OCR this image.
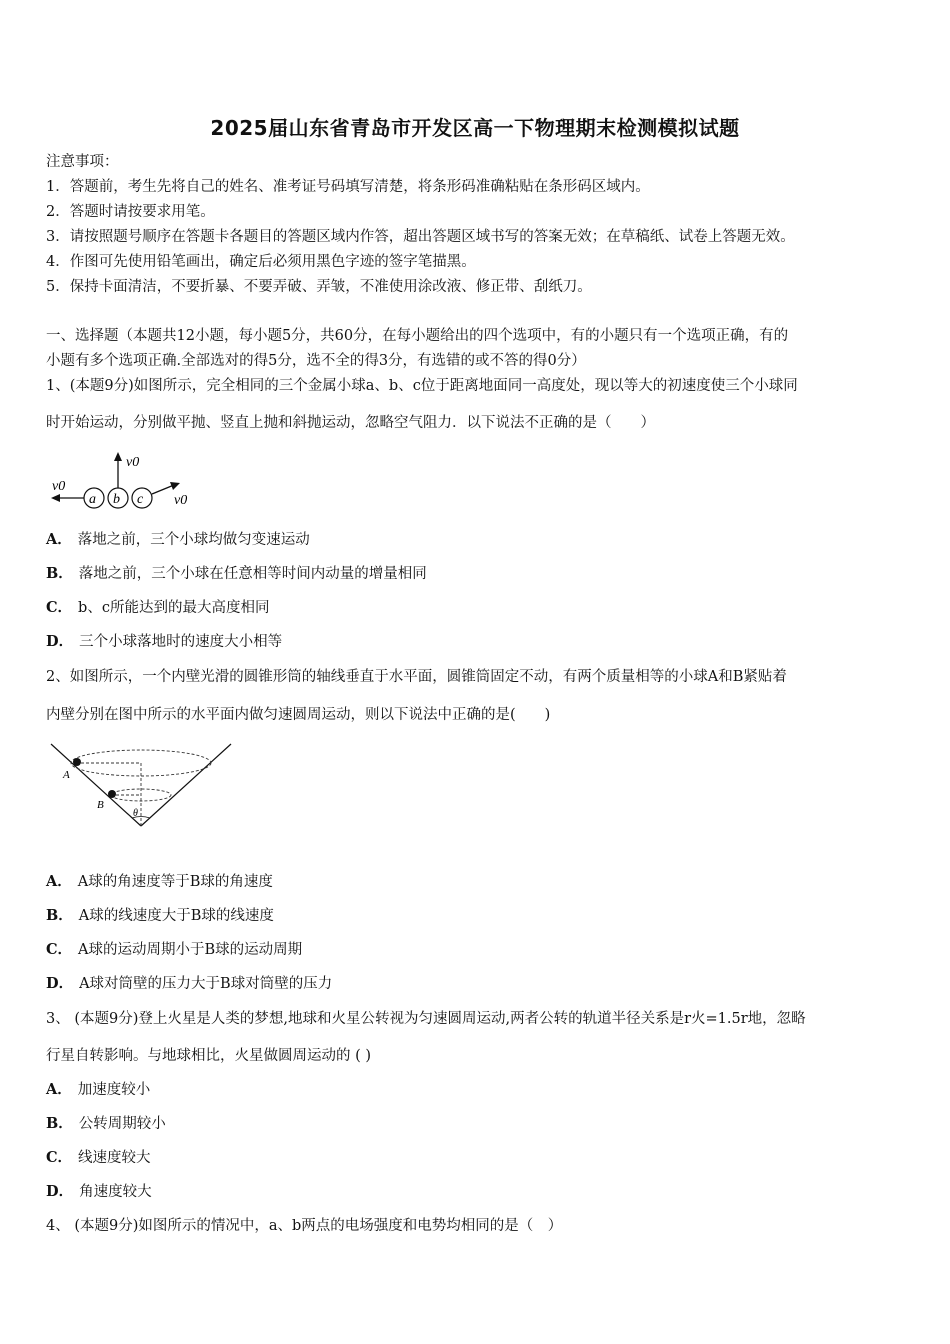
2025届山东省青岛市开发区高一下物理期末检测模拟试题
注意事项：
1．答题前，考生先将自己的姓名、准考证号码填写清楚，将条形码准确粘贴在条形码区域内。
2．答题时请按要求用笔。
3．请按照题号顺序在答题卡各题目的答题区域内作答，超出答题区域书写的答案无效；在草稿纸、试卷上答题无效。
4．作图可先使用铅笔画出，确定后必须用黑色字迹的签字笔描黑。
5．保持卡面清洁，不要折暴、不要弄破、弄皱，不准使用涂改液、修正带、刮纸刀。
一、选择题（本题共12小题，每小题5分，共60分，在每小题给出的四个选项中，有的小题只有一个选项正确，有的
小题有多个选项正确.全部选对的得5分，选不全的得3分，有选错的或不答的得0分）
1、(本题9分)如图所示，完全相同的三个金属小球a、b、c位于距离地面同一高度处，现以等大的初速度使三个小球同
时开始运动，分别做平抛、竖直上抛和斜抛运动，忽略空气阻力．以下说法不正确的是（　　）
v0
v0
v0
a b c
A． 落地之前，三个小球均做匀变速运动
B． 落地之前，三个小球在任意相等时间内动量的增量相同
C． b、c所能达到的最大高度相同
D． 三个小球落地时的速度大小相等
2、如图所示，一个内壁光滑的圆锥形筒的轴线垂直于水平面，圆锥筒固定不动，有两个质量相等的小球A和B紧贴着
内壁分别在图中所示的水平面内做匀速圆周运动，则以下说法中正确的是(　　)
A
B
θ
A． A球的角速度等于B球的角速度
B． A球的线速度大于B球的线速度
C． A球的运动周期小于B球的运动周期
D． A球对筒壁的压力大于B球对筒壁的压力
3、 (本题9分)登上火星是人类的梦想,地球和火星公转视为匀速圆周运动,两者公转的轨道半径关系是r火=1.5r地，忽略
行星自转影响。与地球相比，火星做圆周运动的 ( )
A． 加速度较小
B． 公转周期较小
C． 线速度较大
D． 角速度较大
4、 (本题9分)如图所示的情况中，a、b两点的电场强度和电势均相同的是（　）
